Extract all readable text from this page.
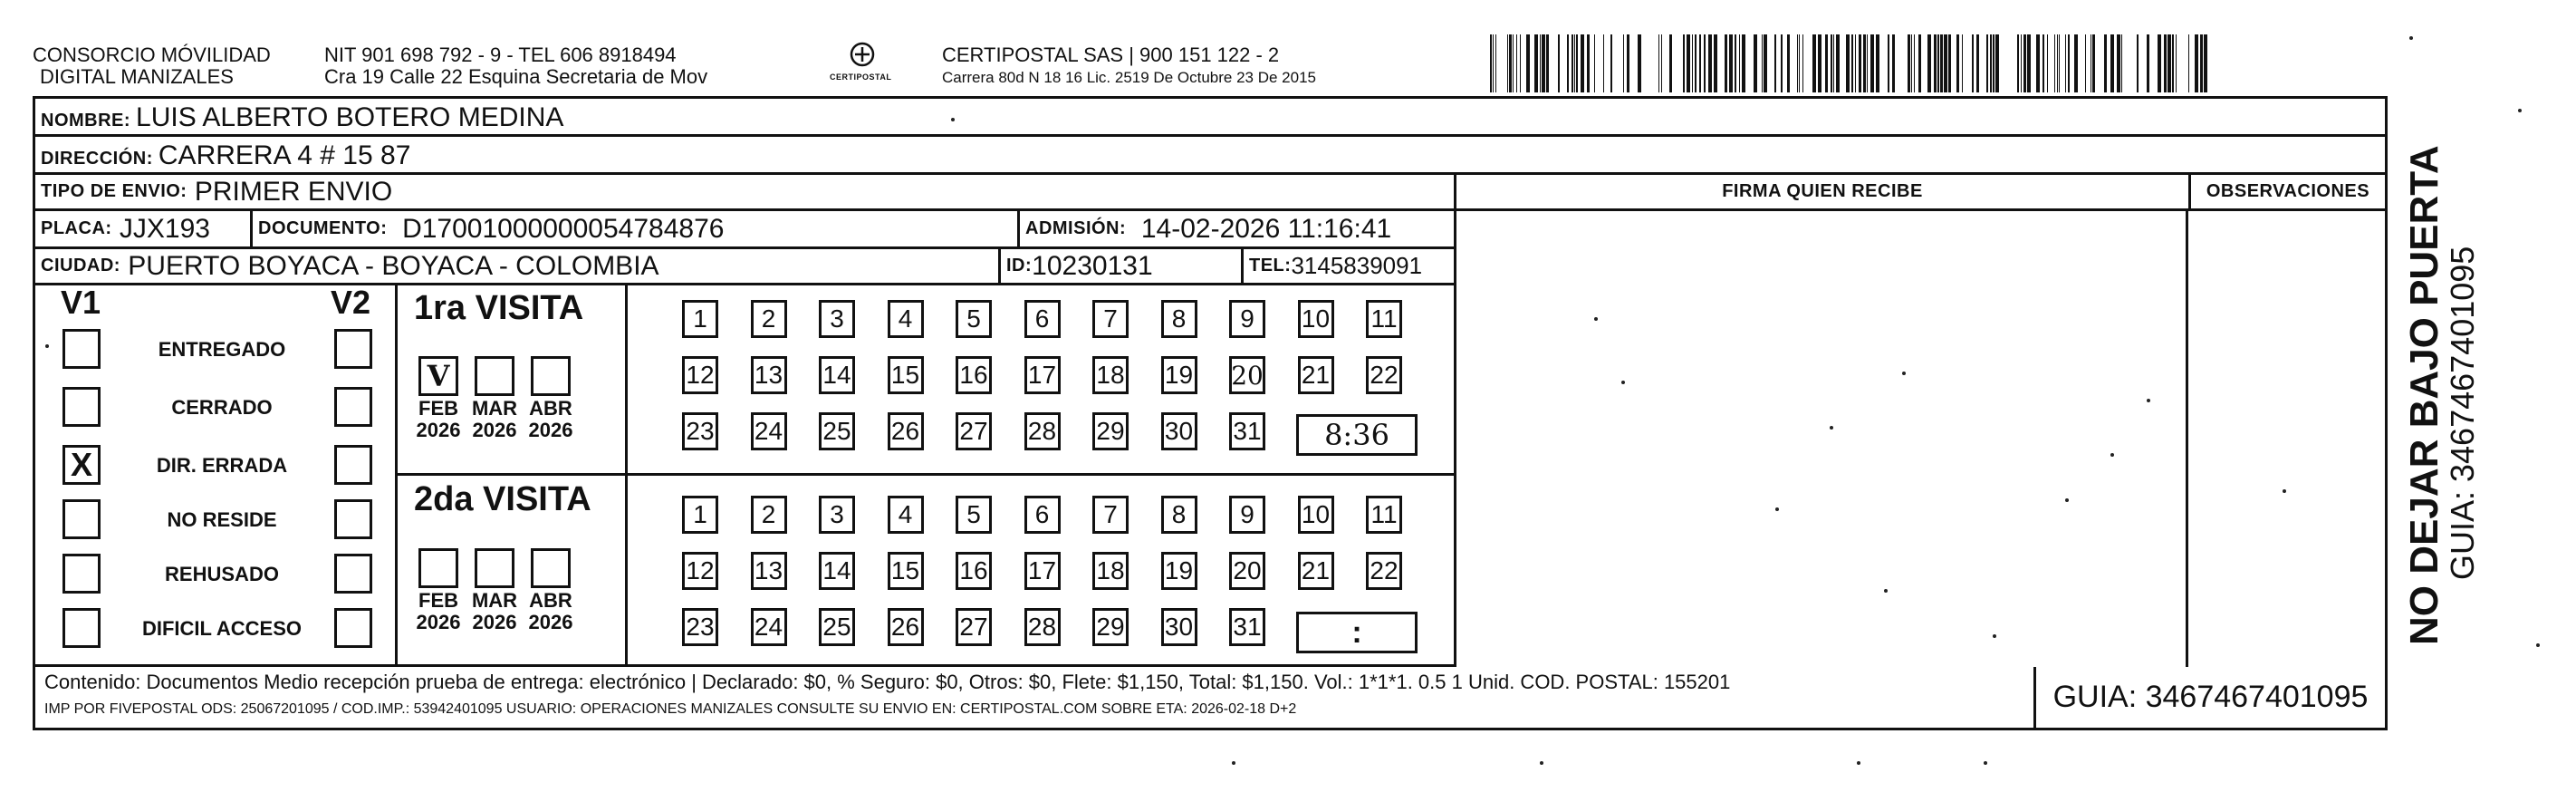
CONSORCIO MÓVILIDAD
DIGITAL MANIZALES
NIT 901 698 792 - 9 - TEL 606 8918494
Cra 19 Calle 22 Esquina Secretaria de Mov	CERTIPOSTAL
CERTIPOSTAL SAS | 900 151 122 - 2
Carrera 80d N 18 16 Lic. 2519 De Octubre 23 De 2015
NOMBRE: LUIS ALBERTO BOTERO MEDINA
DIRECCIÓN: CARRERA 4 # 15 87
TIPO DE ENVIO:
PRIMER ENVIO	FIRMA QUIEN RECIBE	OBSERVACIONES
PLACA:
JJX193	DOCUMENTO:
D17001000000054784876	ADMISIÓN:
14-02-2026 11:16:41
CIUDAD:
PUERTO BOYACA - BOYACA - COLOMBIA	ID: 10230131	TEL: 3145839091
V1	V2
ENTREGADO
CERRADO
X	DIR. ERRADA
NO RESIDE
REHUSADO
DIFICIL ACCESO
1ra VISITA
2da VISITA
V
FEB
2026
MAR
2026
ABR
2026
FEB
2026
MAR
2026
ABR
2026
1	2	3	4	5	6	7	8	9	10 11
12 13 14 15 16 17 18 19 20 21 22
23 24 25 26 27 28 29 30 31
1	2	3	4	5	6	7	8	9	10 11
12 13 14 15 16 17 18 19 20 21 22
23 24 25 26 27 28 29 30 31
8:36
:
Contenido: Documentos Medio recepción prueba de entrega: electrónico | Declarado: $0, % Seguro: $0, Otros: $0, Flete: $1,150, Total: $1,150. Vol.: 1*1*1. 0.5 1 Unid. COD. POSTAL: 155201
IMP POR FIVEPOSTAL ODS: 25067201095 / COD.IMP.: 53942401095 USUARIO: OPERACIONES MANIZALES CONSULTE SU ENVIO EN: CERTIPOSTAL.COM SOBRE ETA: 2026-02-18 D+2	GUIA: 3467467401095
NO DEJAR BAJO PUERTA
GUIA: 3467467401095
